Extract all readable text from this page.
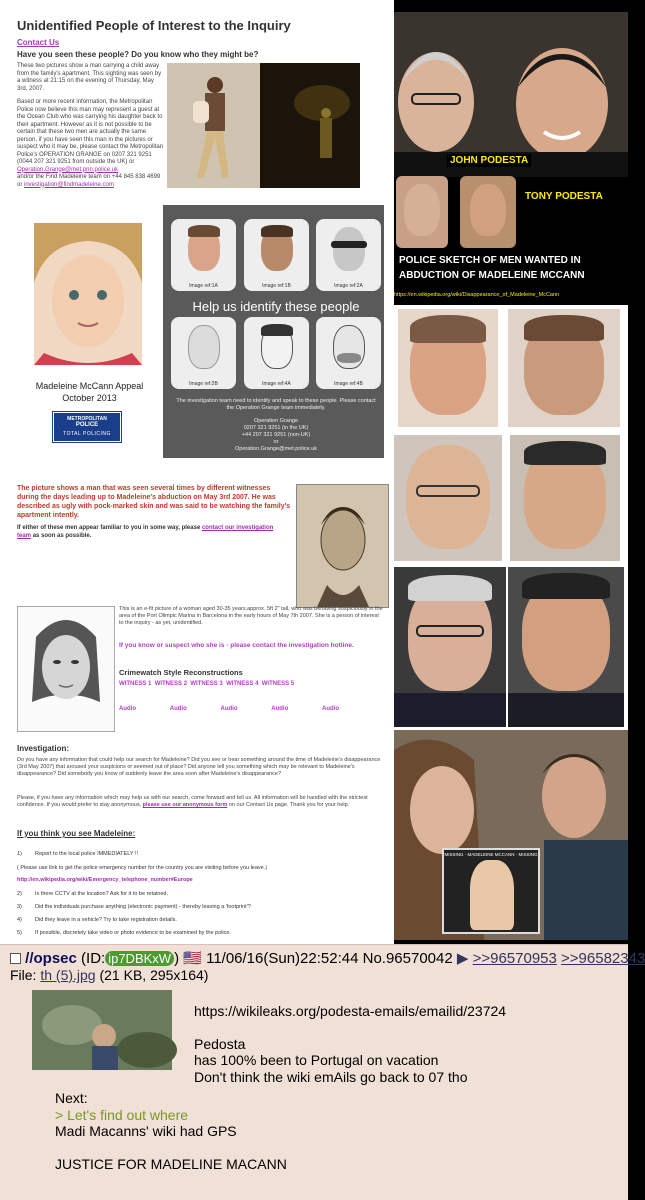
Unidentified People of Interest to the Inquiry
Contact Us
Have you seen these people? Do you know who they might be?

These two pictures show a man carrying a child away from the family's apartment. This sighting was seen by a witness at 21:15 on the evening of Thursday, May 3rd, 2007.

Based or more recent information, the Metropolitan Police now believe this man may represent a guest at the Ocean Club who was carrying his daughter back to their apartment. However as it is not possible to be certain that these two men are actually the same person, if you have seen this man in the pictures or suspect who it may be, please contact the Metropolitan Police's OPERATION GRANGE on 0207 321 9251 (0044 207 321 9251 from outside the UK) or

Operation.Grange@met.pnn.police.uk

and/or the Find Madeleine team on +44 845 838 4699 or investigation@findmadeleine.com

Madeleine McCann Appeal
October 2013
METROPOLITAN
POLICE
TOTAL POLICING
Image ref:1A	Image ref:1B	Image ref:2A
Help us identify these people
Image ref:2B	Image ref:4A	Image ref:4B
The investigation team need to identify and speak to these people. Please contact the Operation Grange team immediately.
Operation Grange
0207 321 9251 (in the UK)
+44 207 321 9251 (non-UK)
or
Operation.Grange@met.police.uk
The picture shows a man that was seen several times by different witnesses during the days leading up to Madeleine's abduction on May 3rd 2007. He was described as ugly with pock-marked skin and was said to be watching the family's apartment intently.
If either of these men appear familiar to you in some way, please contact our investigation team as soon as possible.
This is an e-fit picture of a woman aged 30-35 years,approx. 5ft 2" tall, who was behaving suspiciously in the area of the Port Olimpic Marina in Barcelona in the early hours of May 7th 2007. She is a person of interest to the inquiry - as yet, unidentified.
If you know or suspect who she is - please contact the investigation hotline.
Crimewatch Style Reconstructions
WITNESS 1 WITNESS 2 WITNESS 3 WITNESS 4 WITNESS 5
Audio	Audio	Audio	Audio	Audio
Investigation:
Do you have any information that could help our search for Madeleine? Did you see or hear something around the time of Madeleine's disappearance (3rd May 2007) that aroused your suspicions or seemed out of place? Did anyone tell you something which may be relevant to Madeleine's disappearance? Did somebody you know of suddenly leave the area soon after Madeleine's disappearance?
Please, if you have any information which may help us with our search, come forward and tell us. All information will be handled with the strictest confidence. If you would prefer to stay anonymous, please use our anonymous form on our Contact Us page. Thank you for your help.
If you think you see Madeleine:
1)	Report to the local police IMMEDIATELY !!
( Please use link to get the police emergency number for the country you are visiting before you leave.)
http://en.wikipedia.org/wiki/Emergency_telephone_number#Europe
2)	Is there CCTV at the location? Ask for it to be retained.
3)	Did the individuals purchase anything (electronic payment) - thereby leaving a 'footprint'?
4)	Did they leave in a vehicle? Try to take registration details.
5)	If possible, discretely take video or photo evidence to be examined by the police.
JOHN PODESTA
TONY PODESTA
POLICE SKETCH OF MEN WANTED IN
ABDUCTION OF MADELEINE MCCANN
https://en.wikipedia.org/wiki/Disappearance_of_Madeleine_McCann
MISSING · MADELEINE MCCANN · MISSING
//opsec (ID: ip7DBKxW ) 🇺🇸 11/06/16(Sun)22:52:44 No.96570042 ▶ >>96570953 >>96582343
File: th (5).jpg (21 KB, 295x164)
https://wikileaks.org/podesta-emails/emailid/23724
Pedosta
has 100% been to Portugal on vacation
Don't think the wiki emAils go back to 07 tho
Next:
> Let's find out where
Madi Macanns' wiki had GPS
JUSTICE FOR MADELINE MACANN
